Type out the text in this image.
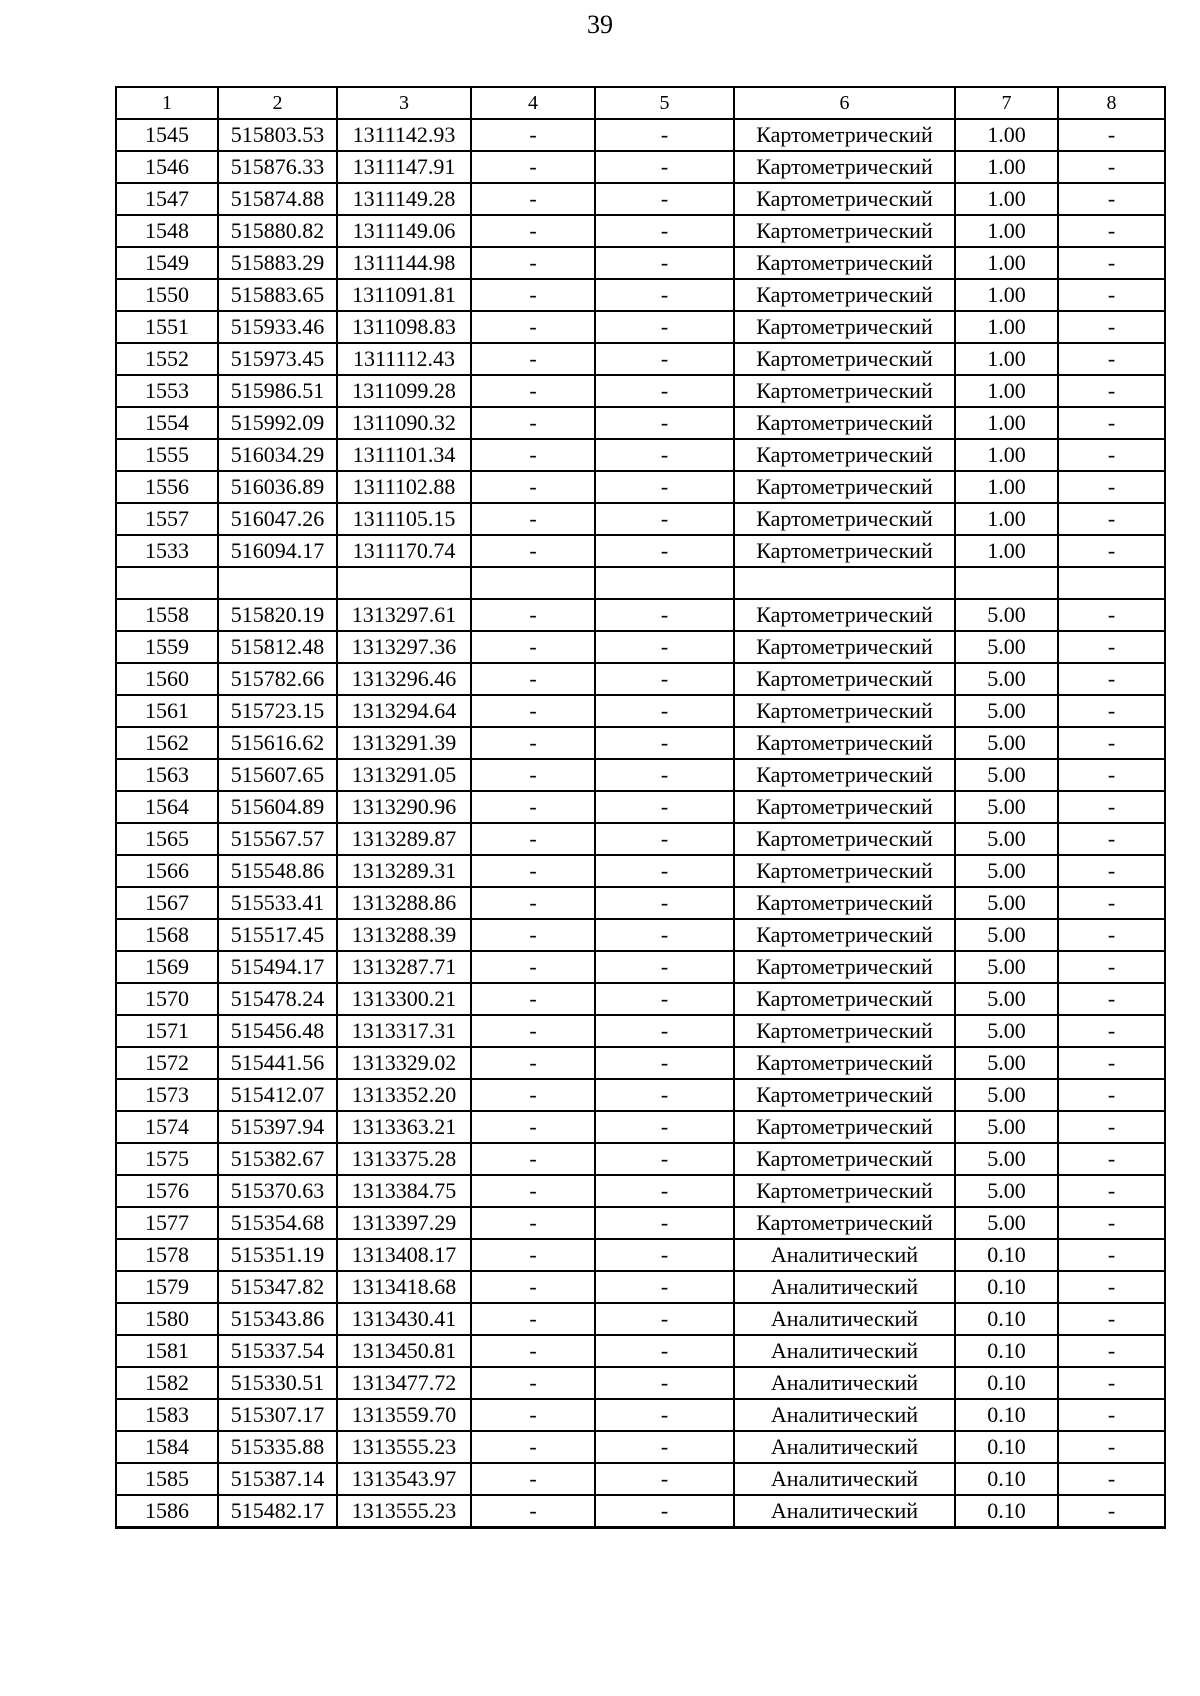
39
1	2	3	4	5	6	7	8
1545	515803.53	1311142.93	-	-	Картометрический	1.00	-
1546	515876.33	1311147.91	-	-	Картометрический	1.00	-
1547	515874.88	1311149.28	-	-	Картометрический	1.00	-
1548	515880.82	1311149.06	-	-	Картометрический	1.00	-
1549	515883.29	1311144.98	-	-	Картометрический	1.00	-
1550	515883.65	1311091.81	-	-	Картометрический	1.00	-
1551	515933.46	1311098.83	-	-	Картометрический	1.00	-
1552	515973.45	1311112.43	-	-	Картометрический	1.00	-
1553	515986.51	1311099.28	-	-	Картометрический	1.00	-
1554	515992.09	1311090.32	-	-	Картометрический	1.00	-
1555	516034.29	1311101.34	-	-	Картометрический	1.00	-
1556	516036.89	1311102.88	-	-	Картометрический	1.00	-
1557	516047.26	1311105.15	-	-	Картометрический	1.00	-
1533	516094.17	1311170.74	-	-	Картометрический	1.00	-

1558	515820.19	1313297.61	-	-	Картометрический	5.00	-
1559	515812.48	1313297.36	-	-	Картометрический	5.00	-
1560	515782.66	1313296.46	-	-	Картометрический	5.00	-
1561	515723.15	1313294.64	-	-	Картометрический	5.00	-
1562	515616.62	1313291.39	-	-	Картометрический	5.00	-
1563	515607.65	1313291.05	-	-	Картометрический	5.00	-
1564	515604.89	1313290.96	-	-	Картометрический	5.00	-
1565	515567.57	1313289.87	-	-	Картометрический	5.00	-
1566	515548.86	1313289.31	-	-	Картометрический	5.00	-
1567	515533.41	1313288.86	-	-	Картометрический	5.00	-
1568	515517.45	1313288.39	-	-	Картометрический	5.00	-
1569	515494.17	1313287.71	-	-	Картометрический	5.00	-
1570	515478.24	1313300.21	-	-	Картометрический	5.00	-
1571	515456.48	1313317.31	-	-	Картометрический	5.00	-
1572	515441.56	1313329.02	-	-	Картометрический	5.00	-
1573	515412.07	1313352.20	-	-	Картометрический	5.00	-
1574	515397.94	1313363.21	-	-	Картометрический	5.00	-
1575	515382.67	1313375.28	-	-	Картометрический	5.00	-
1576	515370.63	1313384.75	-	-	Картометрический	5.00	-
1577	515354.68	1313397.29	-	-	Картометрический	5.00	-
1578	515351.19	1313408.17	-	-	Аналитический	0.10	-
1579	515347.82	1313418.68	-	-	Аналитический	0.10	-
1580	515343.86	1313430.41	-	-	Аналитический	0.10	-
1581	515337.54	1313450.81	-	-	Аналитический	0.10	-
1582	515330.51	1313477.72	-	-	Аналитический	0.10	-
1583	515307.17	1313559.70	-	-	Аналитический	0.10	-
1584	515335.88	1313555.23	-	-	Аналитический	0.10	-
1585	515387.14	1313543.97	-	-	Аналитический	0.10	-
1586	515482.17	1313555.23	-	-	Аналитический	0.10	-
